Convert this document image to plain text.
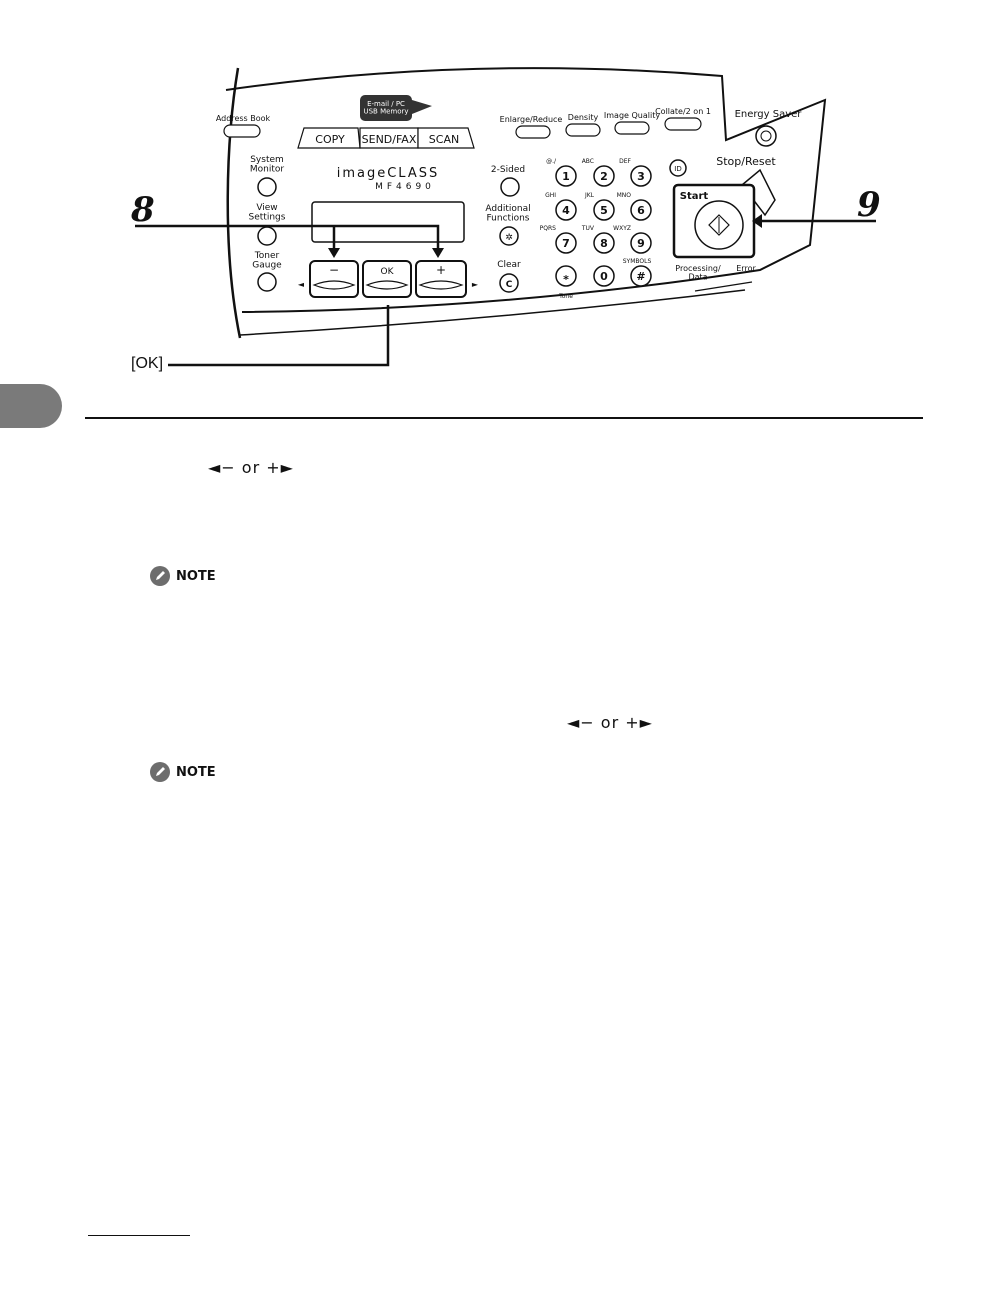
E-mail / PC USB Memory
COPY SEND/FAX SCAN
Address Book	Enlarge/Reduce Density Image Quality
Collate/2 on 1 Energy Saver
imageCLASS
MF4690
System Monitor
View Settings
Toner Gauge
◄
−	OK	+
►
2-Sided
Additional Functions
✲
Clear
C
1
@./
2
ABC
3
DEF
4
GHI
5
JKL
6
MNO
7
PQRS
8
TUV
9
WXYZ
⁎
Tone
0	#
SYMBOLS
ID
Stop/Reset
Start
Processing/ Data
Error
8	9
[OK]
◄− or +►
NOTE
◄− or +►
NOTE
